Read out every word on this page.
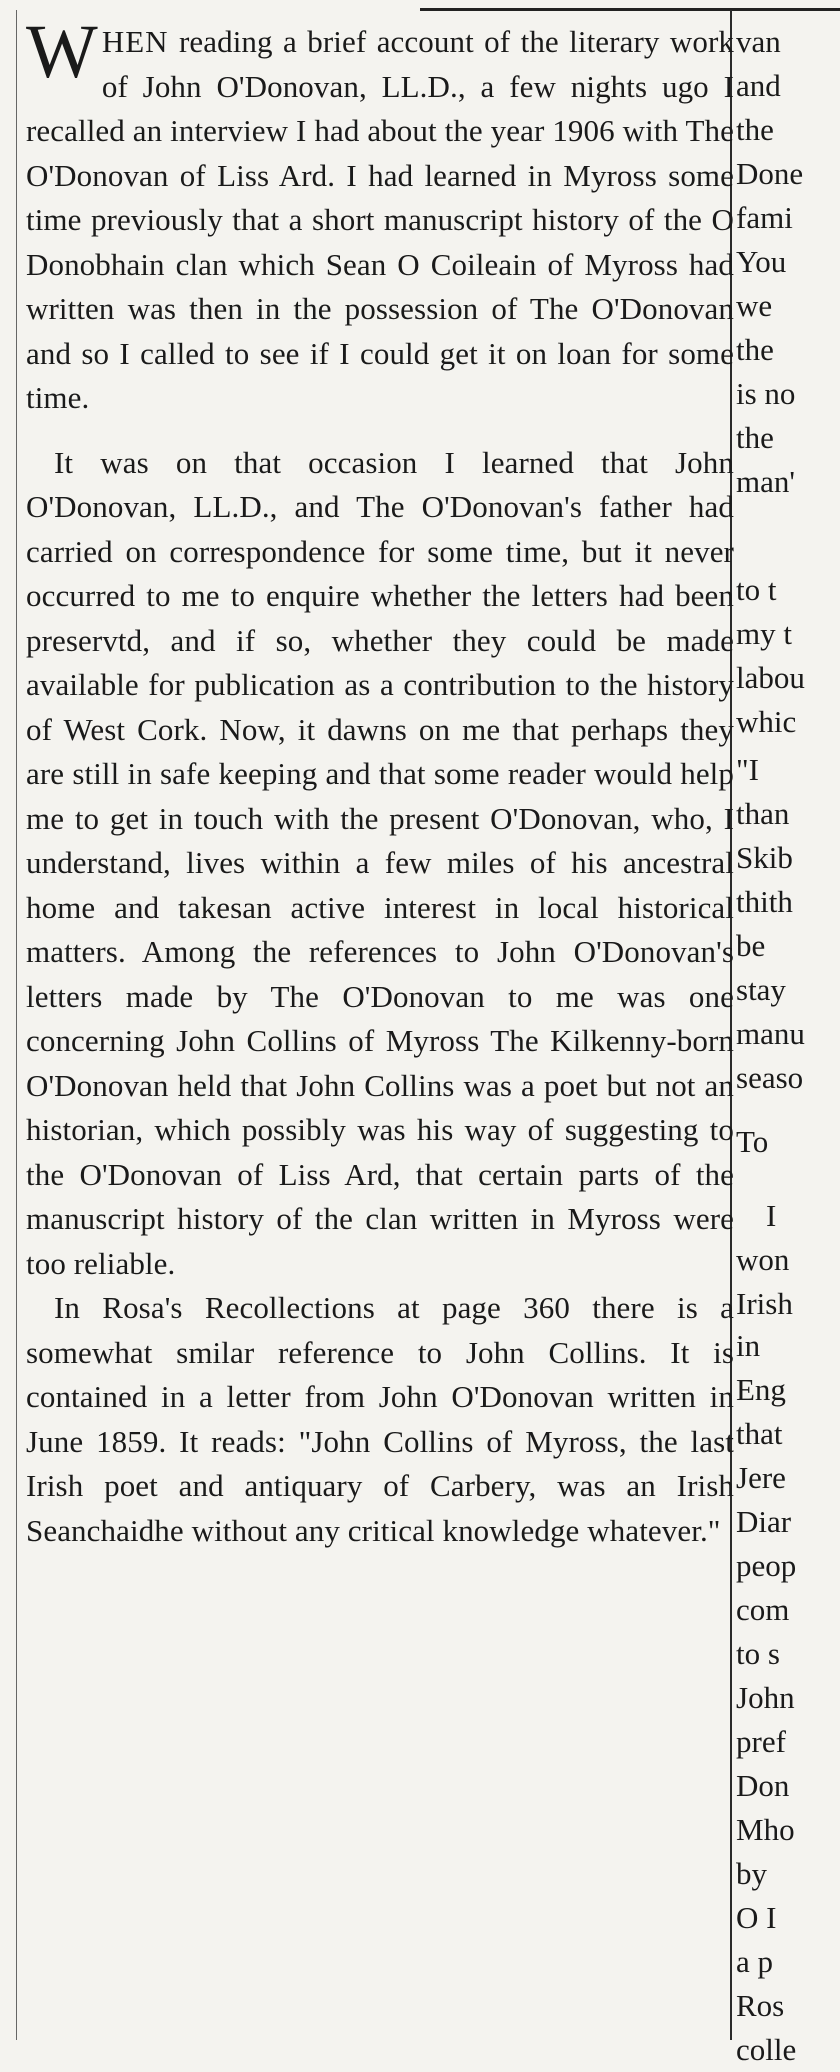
WHEN reading a brief account of the literary work of John O'Donovan, LL.D., a few nights ugo I recalled an interview I had about the year 1906 with The O'Donovan of Liss Ard. I had learned in Myross some time previously that a short manuscript history of the O Donobhain clan which Sean O Coileain of Myross had written was then in the possession of The O'Donovan and so I called to see if I could get it on loan for some time.

It was on that occasion I learned that John O'Donovan, LL.D., and The O'Donovan's father had carried on correspondence for some time, but it never occurred to me to enquire whether the letters had been preservtd, and if so, whether they could be made available for publication as a contribution to the history of West Cork. Now, it dawns on me that perhaps they are still in safe keeping and that some reader would help me to get in touch with the present O'Donovan, who, I understand, lives within a few miles of his ancestral home and takesan active interest in local historical matters. Among the references to John O'Donovan's letters made by The O'Donovan to me was one concerning John Collins of Myross The Kilkenny-born O'Donovan held that John Collins was a poet but not an historian, which possibly was his way of suggesting to the O'Donovan of Liss Ard, that certain parts of the manuscript history of the clan written in Myross were too reliable.

In Rosa's Recollections at page 360 there is a somewhat smilar reference to John Collins. It is contained in a letter from John O'Donovan written in June 1859. It reads: "John Collins of Myross, the last Irish poet and antiquary of Carbery, was an Irish Seanchaidhe without any critical knowledge whatever."

van
and
the
Done
fami
You
we
the
is no
the
man'
to t
my t
labou
whic
"I
than
Skib
thith
be
stay
manu
seaso
To
I
won
Irish
in
Eng
that
Jere
Diar
peop
com
to s
John
pref
Don
Mho
by
O I
a p
Ros
colle
